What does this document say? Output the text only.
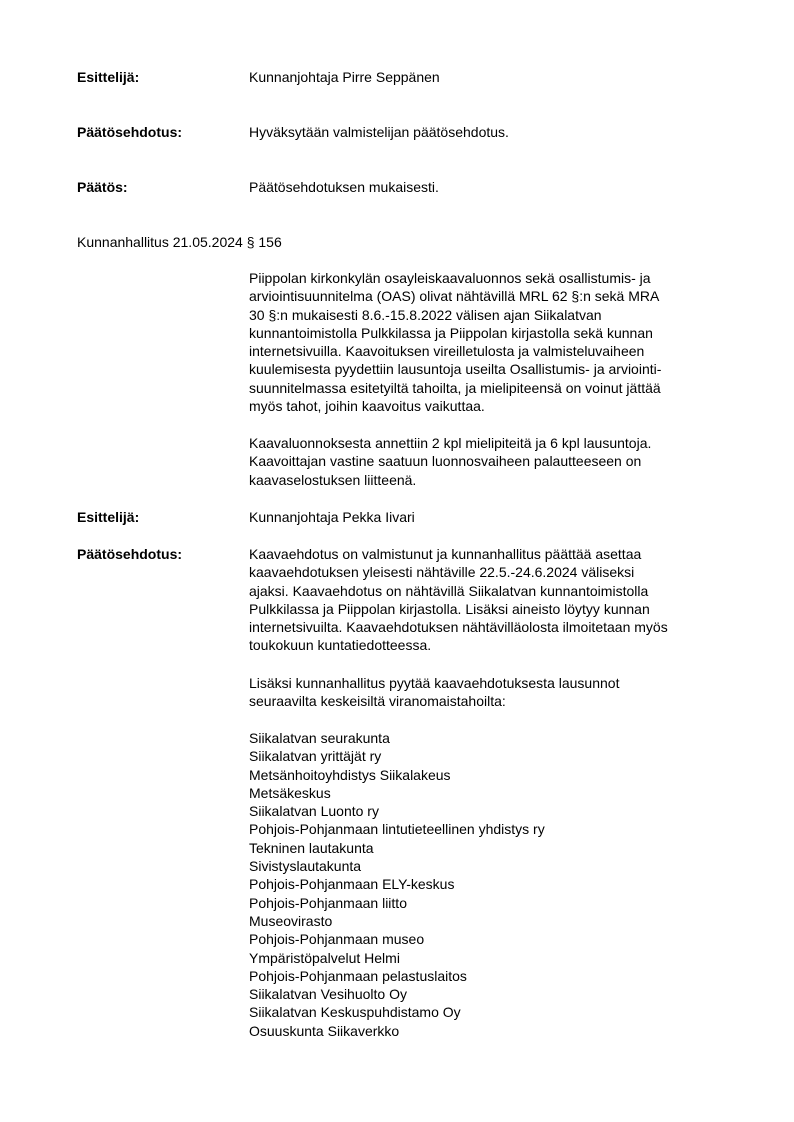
Esittelijä:	Kunnanjohtaja Pirre Seppänen
Päätösehdotus:	Hyväksytään valmistelijan päätösehdotus.
Päätös:	Päätösehdotuksen mukaisesti.
Kunnanhallitus 21.05.2024 § 156
Piippolan kirkonkylän osayleiskaavaluonnos sekä osallistumis- ja
arviointisuunnitelma (OAS) olivat nähtävillä MRL 62 §:n sekä MRA
30 §:n mukaisesti 8.6.-15.8.2022 välisen ajan Siikalatvan
kunnantoimistolla Pulkkilassa ja Piippolan kirjastolla sekä kunnan
internetsivuilla. Kaavoituksen vireilletulosta ja valmisteluvaiheen
kuulemisesta pyydettiin lausuntoja useilta Osallistumis- ja arviointi-
suunnitelmassa esitetyiltä tahoilta, ja mielipiteensä on voinut jättää
myös tahot, joihin kaavoitus vaikuttaa.
Kaavaluonnoksesta annettiin 2 kpl mielipiteitä ja 6 kpl lausuntoja.
Kaavoittajan vastine saatuun luonnosvaiheen palautteeseen on
kaavaselostuksen liitteenä.
Esittelijä:	Kunnanjohtaja Pekka Iivari
Päätösehdotus:	Kaavaehdotus on valmistunut ja kunnanhallitus päättää asettaa
kaavaehdotuksen yleisesti nähtäville 22.5.-24.6.2024 väliseksi
ajaksi. Kaavaehdotus on nähtävillä Siikalatvan kunnantoimistolla
Pulkkilassa ja Piippolan kirjastolla. Lisäksi aineisto löytyy kunnan
internetsivuilta. Kaavaehdotuksen nähtävilläolosta ilmoitetaan myös
toukokuun kuntatiedotteessa.
Lisäksi kunnanhallitus pyytää kaavaehdotuksesta lausunnot
seuraavilta keskeisiltä viranomaistahoilta:
Siikalatvan seurakunta
Siikalatvan yrittäjät ry
Metsänhoitoyhdistys Siikalakeus
Metsäkeskus
Siikalatvan Luonto ry
Pohjois-Pohjanmaan lintutieteellinen yhdistys ry
Tekninen lautakunta
Sivistyslautakunta
Pohjois-Pohjanmaan ELY-keskus
Pohjois-Pohjanmaan liitto
Museovirasto
Pohjois-Pohjanmaan museo
Ympäristöpalvelut Helmi
Pohjois-Pohjanmaan pelastuslaitos
Siikalatvan Vesihuolto Oy
Siikalatvan Keskuspuhdistamo Oy
Osuuskunta Siikaverkko
